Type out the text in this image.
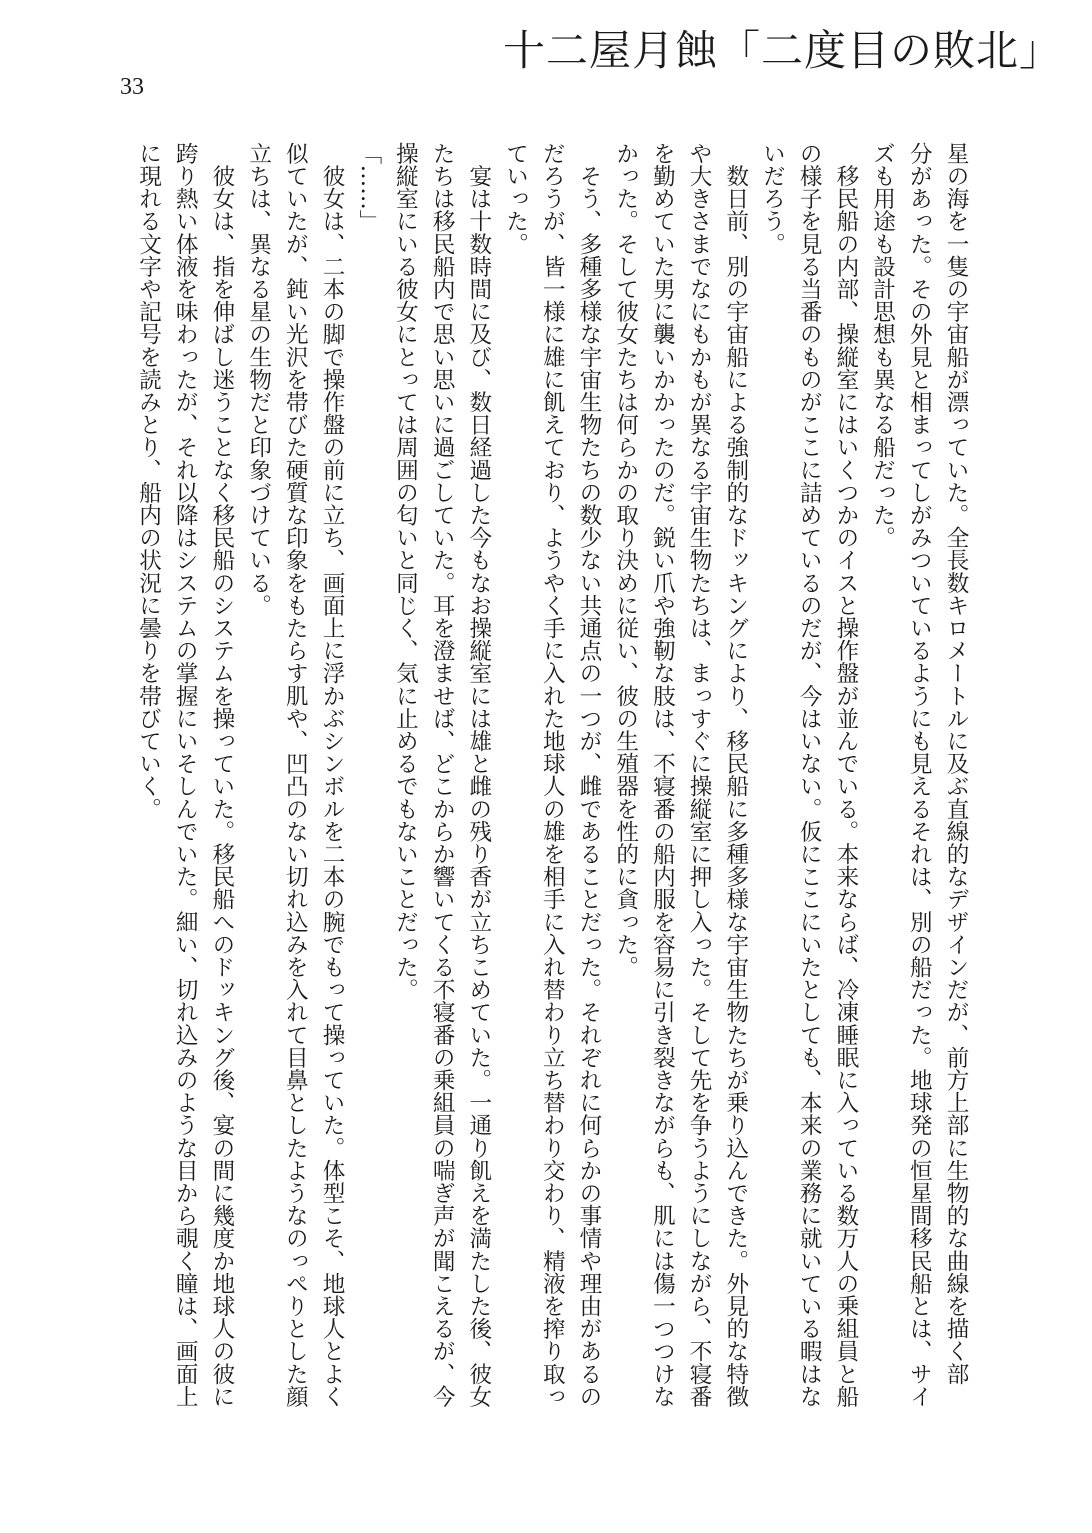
十二屋月蝕「二度目の敗北」
33
星の海を一隻の宇宙船が漂っていた。全長数キロメートルに及ぶ直線的なデザインだが、前方上部に生物的な曲線を描く部
分があった。その外見と相まってしがみついているようにも見えるそれは、別の船だった。地球発の恒星間移民船とは、サイ
ズも用途も設計思想も異なる船だった。
　移民船の内部、操縦室にはいくつかのイスと操作盤が並んでいる。本来ならば、冷凍睡眠に入っている数万人の乗組員と船
の様子を見る当番のものがここに詰めているのだが、今はいない。仮にここにいたとしても、本来の業務に就いている暇はな
いだろう。
　数日前、別の宇宙船による強制的なドッキングにより、移民船に多種多様な宇宙生物たちが乗り込んできた。外見的な特徴
や大きさまでなにもかもが異なる宇宙生物たちは、まっすぐに操縦室に押し入った。そして先を争うようにしながら、不寝番
を勤めていた男に襲いかかったのだ。鋭い爪や強靭な肢は、不寝番の船内服を容易に引き裂きながらも、肌には傷一つつけな
かった。そして彼女たちは何らかの取り決めに従い、彼の生殖器を性的に貪った。
　そう、多種多様な宇宙生物たちの数少ない共通点の一つが、雌であることだった。それぞれに何らかの事情や理由があるの
だろうが、皆一様に雄に飢えており、ようやく手に入れた地球人の雄を相手に入れ替わり立ち替わり交わり、精液を搾り取っ
ていった。
　宴は十数時間に及び、数日経過した今もなお操縦室には雄と雌の残り香が立ちこめていた。一通り飢えを満たした後、彼女
たちは移民船内で思い思いに過ごしていた。耳を澄ませば、どこからか響いてくる不寝番の乗組員の喘ぎ声が聞こえるが、今
操縦室にいる彼女にとっては周囲の匂いと同じく、気に止めるでもないことだった。
「……」
　彼女は、二本の脚で操作盤の前に立ち、画面上に浮かぶシンボルを二本の腕でもって操っていた。体型こそ、地球人とよく
似ていたが、鈍い光沢を帯びた硬質な印象をもたらす肌や、凹凸のない切れ込みを入れて目鼻としたようなのっぺりとした顔
立ちは、異なる星の生物だと印象づけている。
　彼女は、指を伸ばし迷うことなく移民船のシステムを操っていた。移民船へのドッキング後、宴の間に幾度か地球人の彼に
跨り熱い体液を味わったが、それ以降はシステムの掌握にいそしんでいた。細い、切れ込みのような目から覗く瞳は、画面上
に現れる文字や記号を読みとり、船内の状況に曇りを帯びていく。
